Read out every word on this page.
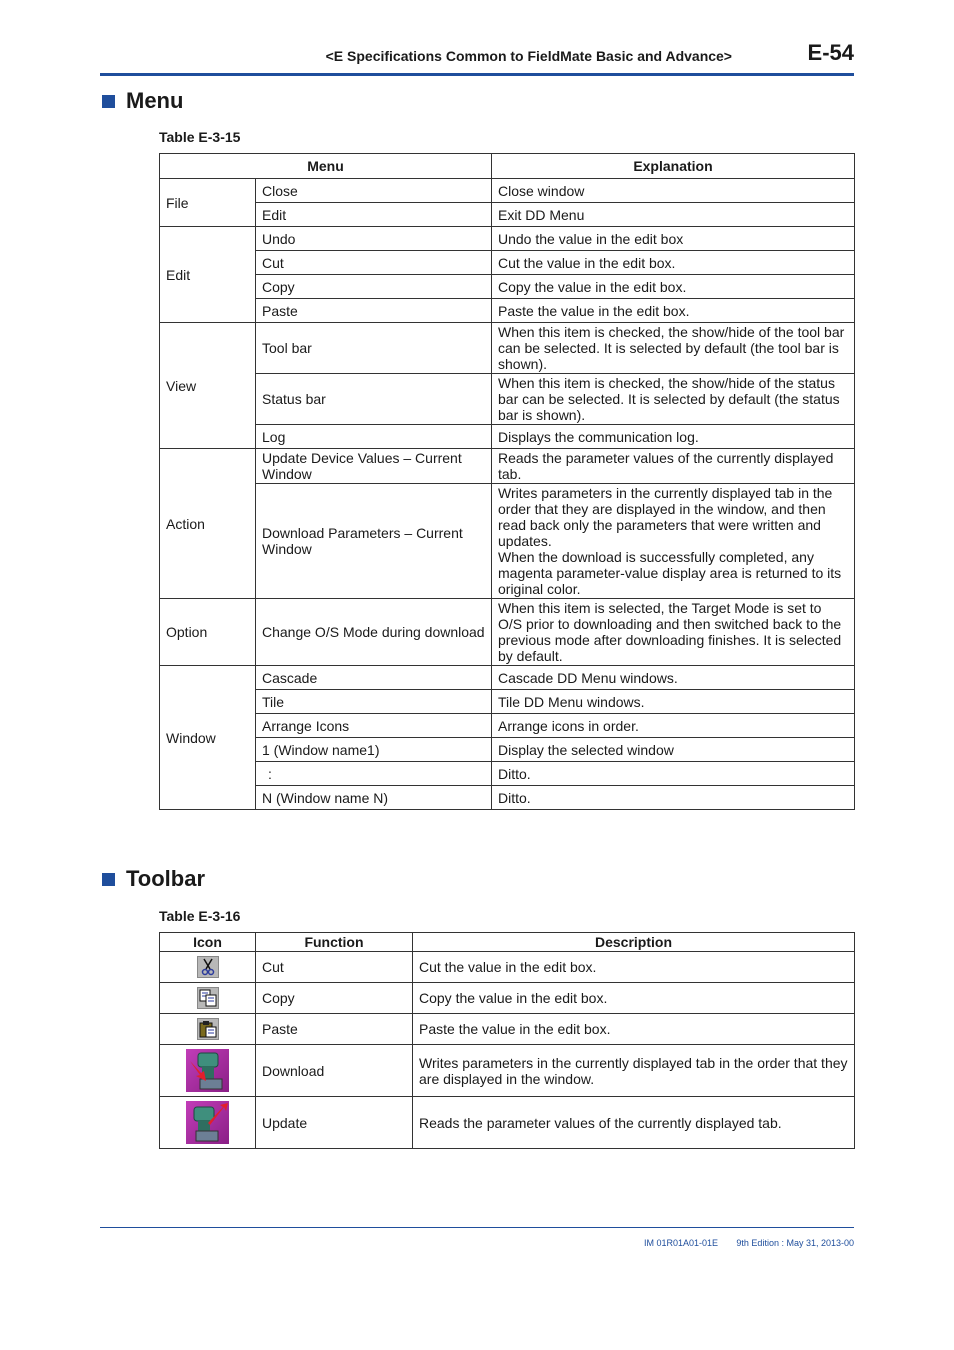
<E Specifications Common to FieldMate Basic and Advance>	E-54
Menu
Table E-3-15
Menu		Explanation
File	Close	Close window
	Edit	Exit DD Menu
Edit	Undo	Undo the value in the edit box
	Cut	Cut the value in the edit box.
	Copy	Copy the value in the edit box.
	Paste	Paste the value in the edit box.
View	Tool bar	When this item is checked, the show/hide of the tool bar can be selected. It is selected by default (the tool bar is shown).
	Status bar	When this item is checked, the show/hide of the status bar can be selected. It is selected by default (the status bar is shown).
	Log	Displays the communication log.
Action	Update Device Values – Current Window	Reads the parameter values of the currently displayed tab.
	Download Parameters – Current Window	Writes parameters in the currently displayed tab in the order that they are displayed in the window, and then read back only the parameters that were written and updates.
When the download is successfully completed, any magenta parameter-value display area is returned to its original color.

Option	Change O/S Mode during download	When this item is selected, the Target Mode is set to O/S prior to downloading and then switched back to the previous mode after downloading finishes. It is selected by default.
Window	Cascade	Cascade DD Menu windows.
	Tile	Tile DD Menu windows.
	Arrange Icons	Arrange icons in order.
	1 (Window name1)	Display the selected window
	:	Ditto.
	N (Window name N)	Ditto.
Toolbar
Table E-3-16
Icon	Function	Description
	Cut	Cut the value in the edit box.
	Copy	Copy the value in the edit box.
	Paste	Paste the value in the edit box.
	Download	Writes parameters in the currently displayed tab in the order that they are displayed in the window.
	Update	Reads the parameter values of the currently displayed tab.
IM 01R01A01-01E	9th Edition : May 31, 2013-00
